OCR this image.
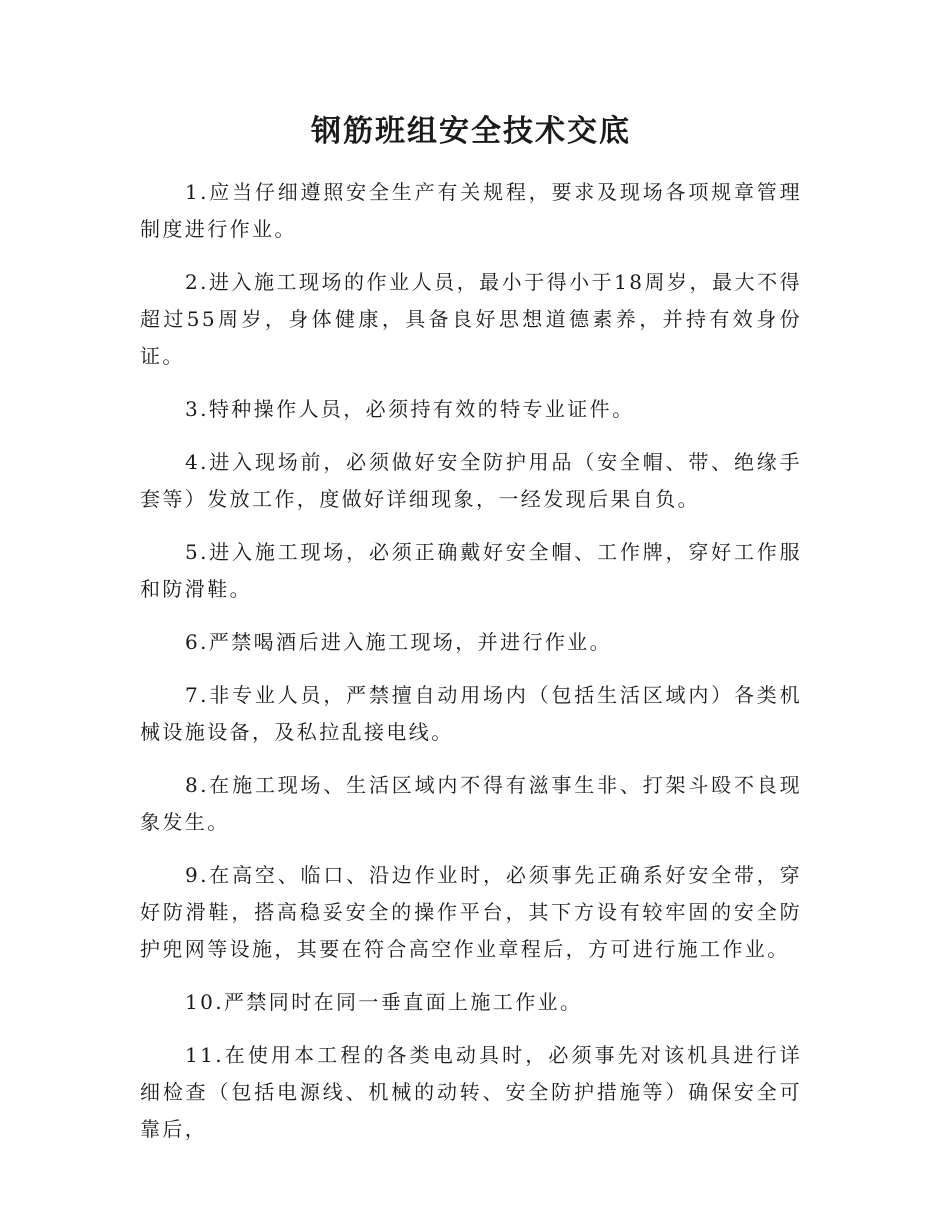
钢筋班组安全技术交底
1.应当仔细遵照安全生产有关规程，要求及现场各项规章管理制度进行作业。
2.进入施工现场的作业人员，最小于得小于18周岁，最大不得超过55周岁，身体健康，具备良好思想道德素养，并持有效身份证。
3.特种操作人员，必须持有效的特专业证件。
4.进入现场前，必须做好安全防护用品（安全帽、带、绝缘手套等）发放工作，度做好详细现象，一经发现后果自负。
5.进入施工现场，必须正确戴好安全帽、工作牌，穿好工作服和防滑鞋。
6.严禁喝酒后进入施工现场，并进行作业。
7.非专业人员，严禁擅自动用场内（包括生活区域内）各类机械设施设备，及私拉乱接电线。
8.在施工现场、生活区域内不得有滋事生非、打架斗殴不良现象发生。
9.在高空、临口、沿边作业时，必须事先正确系好安全带，穿好防滑鞋，搭高稳妥安全的操作平台，其下方设有较牢固的安全防护兜网等设施，其要在符合高空作业章程后，方可进行施工作业。
10.严禁同时在同一垂直面上施工作业。
11.在使用本工程的各类电动具时，必须事先对该机具进行详细检查（包括电源线、机械的动转、安全防护措施等）确保安全可靠后，
